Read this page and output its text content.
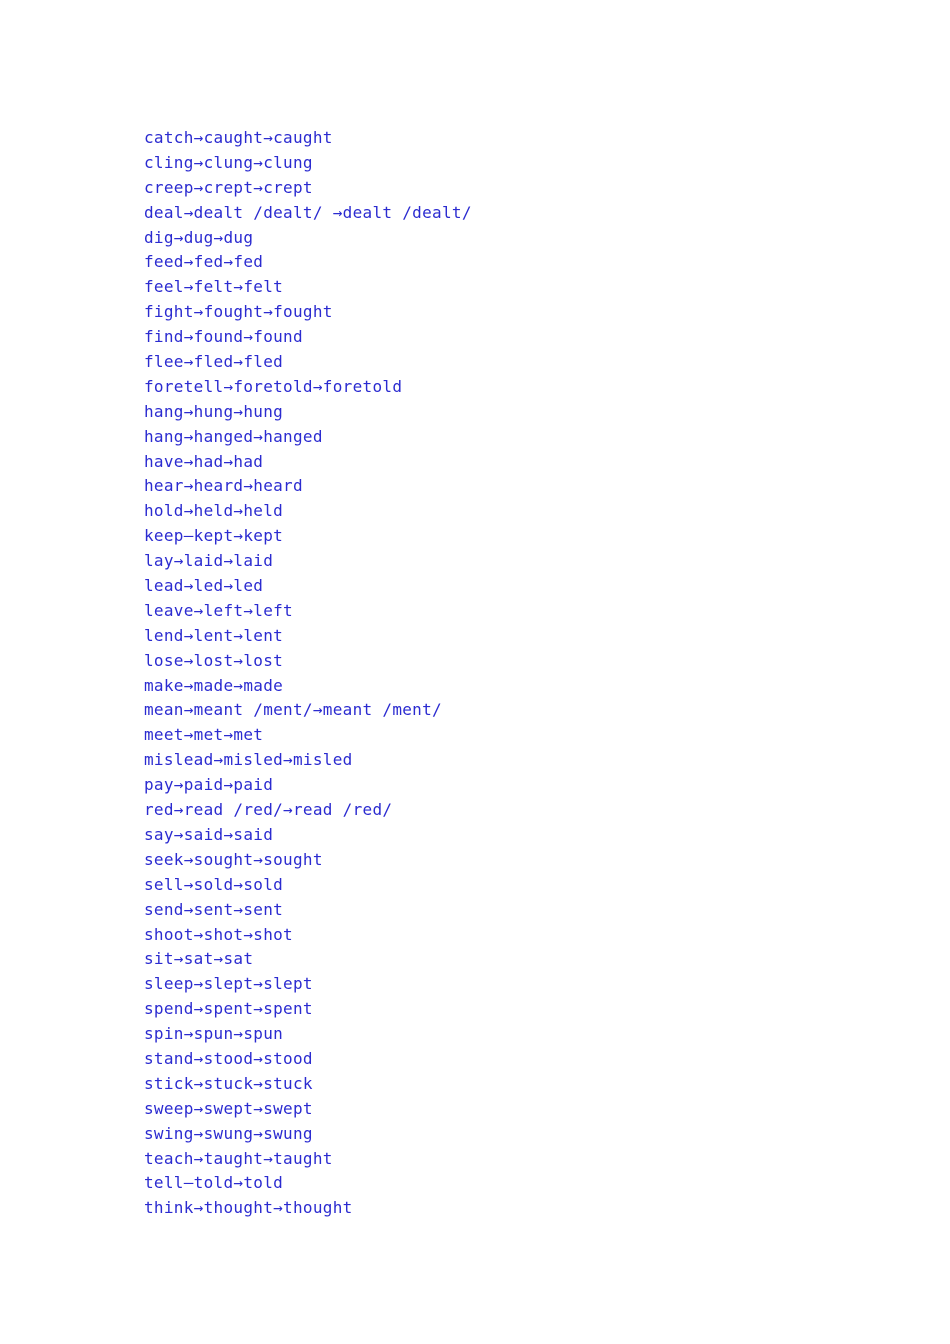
catch→caught→caught
cling→clung→clung
creep→crept→crept
deal→dealt /dealt/ →dealt /dealt/
dig→dug→dug
feed→fed→fed
feel→felt→felt
fight→fought→fought
find→found→found
flee→fled→fled
foretell→foretold→foretold
hang→hung→hung
hang→hanged→hanged
have→had→had
hear→heard→heard
hold→held→held
keep—kept→kept
lay→laid→laid
lead→led→led
leave→left→left
lend→lent→lent
lose→lost→lost
make→made→made
mean→meant /ment/→meant /ment/
meet→met→met
mislead→misled→misled
pay→paid→paid
red→read /red/→read /red/
say→said→said
seek→sought→sought
sell→sold→sold
send→sent→sent
shoot→shot→shot
sit→sat→sat
sleep→slept→slept
spend→spent→spent
spin→spun→spun
stand→stood→stood
stick→stuck→stuck
sweep→swept→swept
swing→swung→swung
teach→taught→taught
tell—told→told
think→thought→thought
